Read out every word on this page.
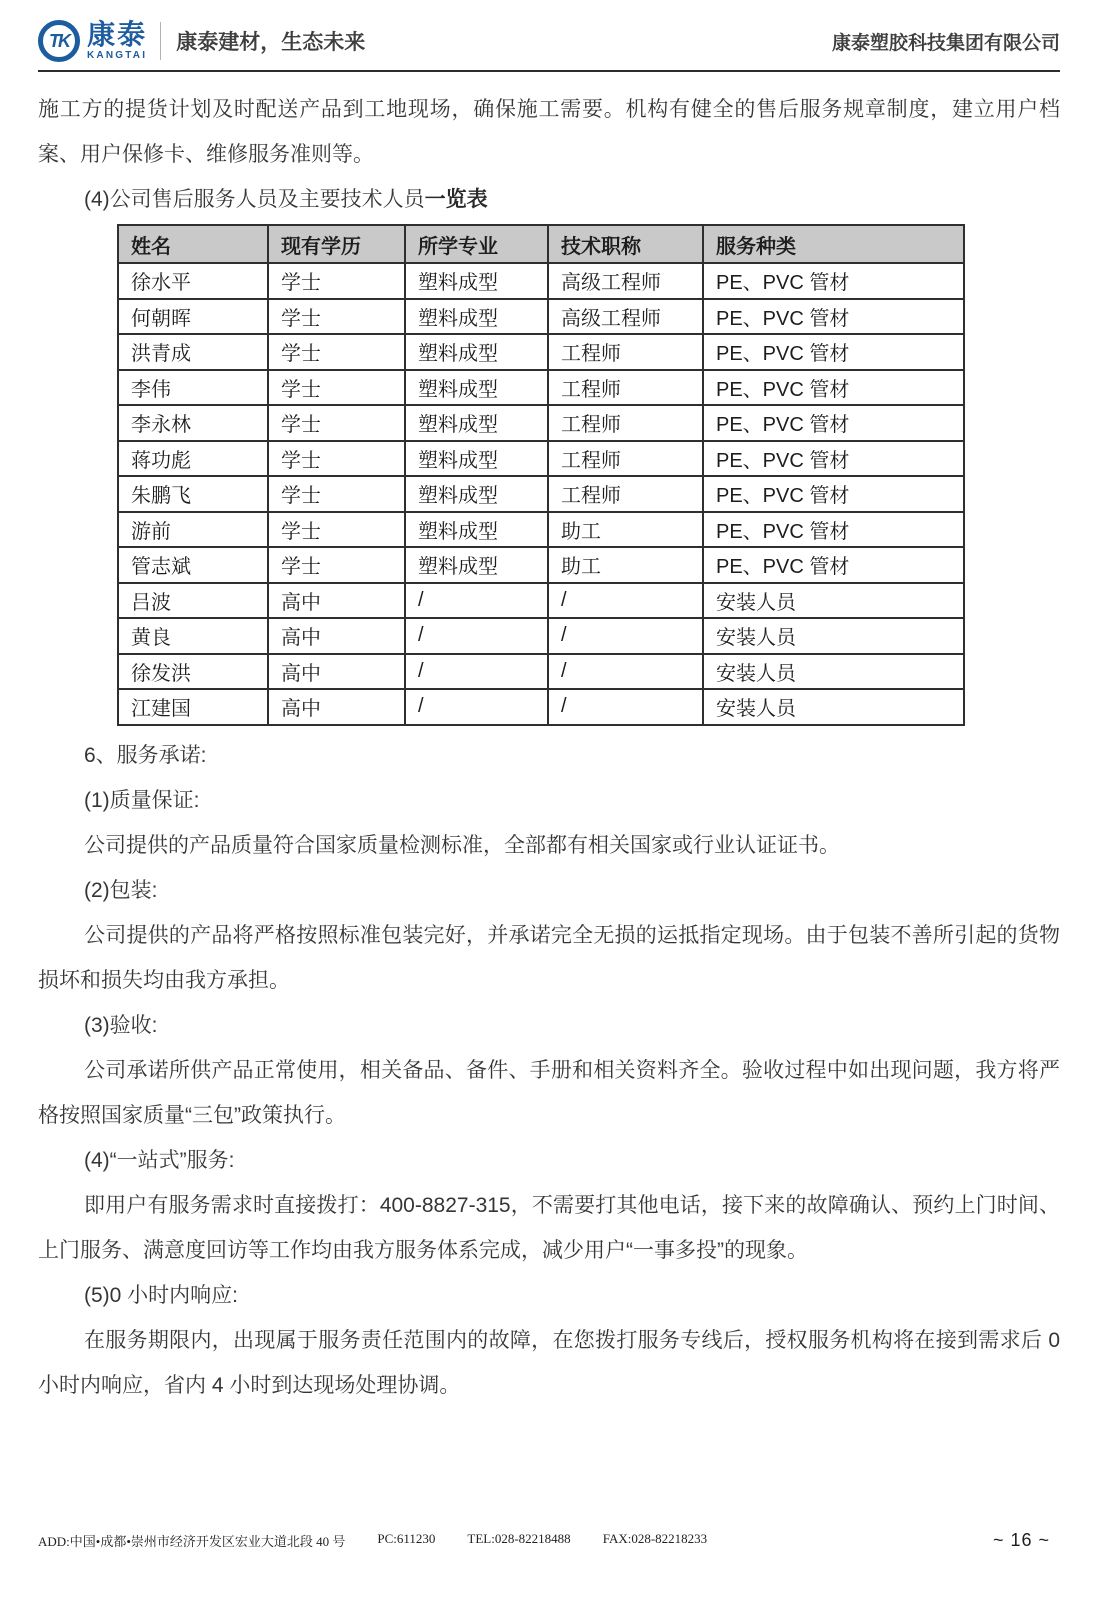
TK 康泰
KANGTAI
康泰建材，生态未来	康泰塑胶科技集团有限公司

施工方的提货计划及时配送产品到工地现场，确保施工需要。机构有健全的售后服务规章制度，建立用户档案、用户保修卡、维修服务准则等。

(4)公司售后服务人员及主要技术人员一览表

姓名	现有学历	所学专业	技术职称	服务种类
徐水平	学士	塑料成型	高级工程师	PE、PVC 管材
何朝晖	学士	塑料成型	高级工程师	PE、PVC 管材
洪青成	学士	塑料成型	工程师	PE、PVC 管材
李伟	学士	塑料成型	工程师	PE、PVC 管材
李永林	学士	塑料成型	工程师	PE、PVC 管材
蒋功彪	学士	塑料成型	工程师	PE、PVC 管材
朱鹏飞	学士	塑料成型	工程师	PE、PVC 管材
游前	学士	塑料成型	助工	PE、PVC 管材
管志斌	学士	塑料成型	助工	PE、PVC 管材
吕波	高中	/	/	安装人员
黄良	高中	/	/	安装人员
徐发洪	高中	/	/	安装人员
江建国	高中	/	/	安装人员

6、服务承诺:

(1)质量保证:

公司提供的产品质量符合国家质量检测标准，全部都有相关国家或行业认证证书。

(2)包装:

公司提供的产品将严格按照标准包装完好，并承诺完全无损的运抵指定现场。由于包装不善所引起的货物损坏和损失均由我方承担。

(3)验收:

公司承诺所供产品正常使用，相关备品、备件、手册和相关资料齐全。验收过程中如出现问题，我方将严格按照国家质量“三包”政策执行。

(4)“一站式”服务:

即用户有服务需求时直接拨打：400-8827-315，不需要打其他电话，接下来的故障确认、预约上门时间、上门服务、满意度回访等工作均由我方服务体系完成，减少用户“一事多投”的现象。

(5)0 小时内响应:

在服务期限内，出现属于服务责任范围内的故障，在您拨打服务专线后，授权服务机构将在接到需求后 0 小时内响应，省内 4 小时到达现场处理协调。

ADD:中国•成都•崇州市经济开发区宏业大道北段 40 号 PC:611230 TEL:028-82218488 FAX:028-82218233	~ 16 ~
